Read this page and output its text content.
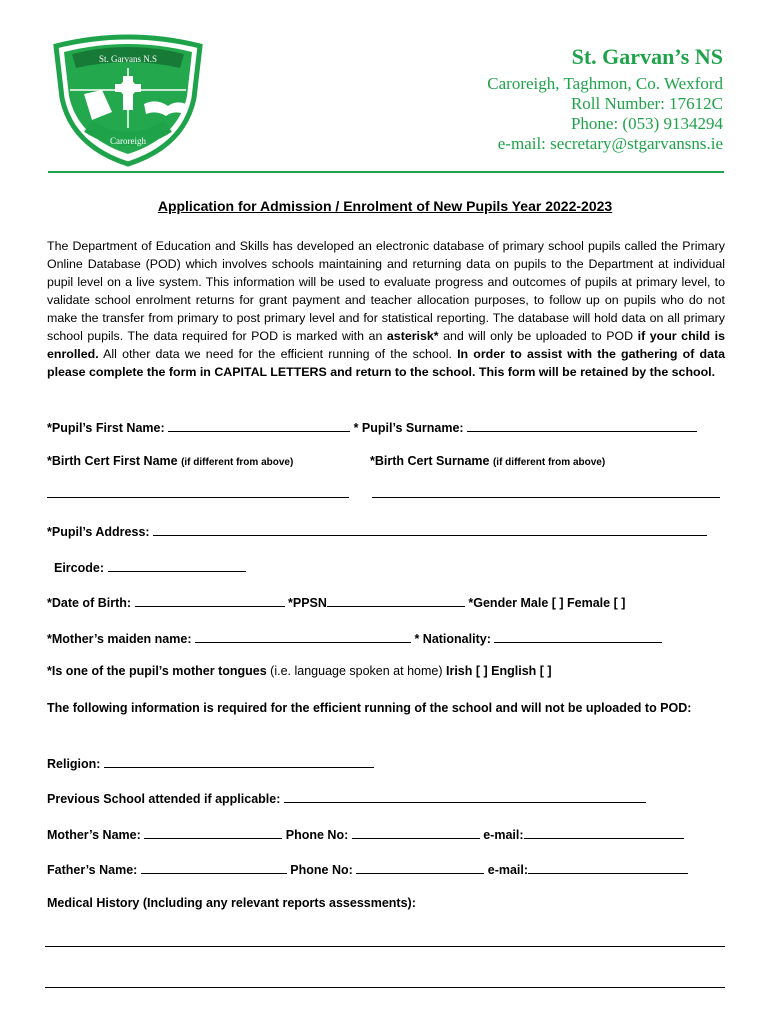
St. Garvans N.S
Caroreigh
St. Garvan’s NS
Caroreigh, Taghmon, Co. Wexford
Roll Number: 17612C
Phone: (053) 9134294
e-mail: secretary@stgarvansns.ie
Application for Admission / Enrolment of New Pupils Year 2022-2023
The Department of Education and Skills has developed an electronic database of primary school pupils called the Primary Online Database (POD) which involves schools maintaining and returning data on pupils to the Department at individual pupil level on a live system. This information will be used to evaluate progress and outcomes of pupils at primary level, to validate school enrolment returns for grant payment and teacher allocation purposes, to follow up on pupils who do not make the transfer from primary to post primary level and for statistical reporting. The database will hold data on all primary school pupils. The data required for POD is marked with an asterisk* and will only be uploaded to POD if your child is enrolled. All other data we need for the efficient running of the school. In order to assist with the gathering of data please complete the form in CAPITAL LETTERS and return to the school. This form will be retained by the school.
*Pupil’s First Name:	* Pupil’s Surname:
*Birth Cert First Name (if different from above)	*Birth Cert Surname (if different from above)
*Pupil’s Address:
Eircode:
*Date of Birth:	*PPSN	*Gender Male [ ] Female [ ]
*Mother’s maiden name:	* Nationality:
*Is one of the pupil’s mother tongues (i.e. language spoken at home) Irish [ ] English [ ]
The following information is required for the efficient running of the school and will not be uploaded to POD:
Religion:
Previous School attended if applicable:
Mother’s Name:	Phone No:	e-mail:
Father’s Name:	Phone No:	e-mail:
Medical History (Including any relevant reports assessments):
